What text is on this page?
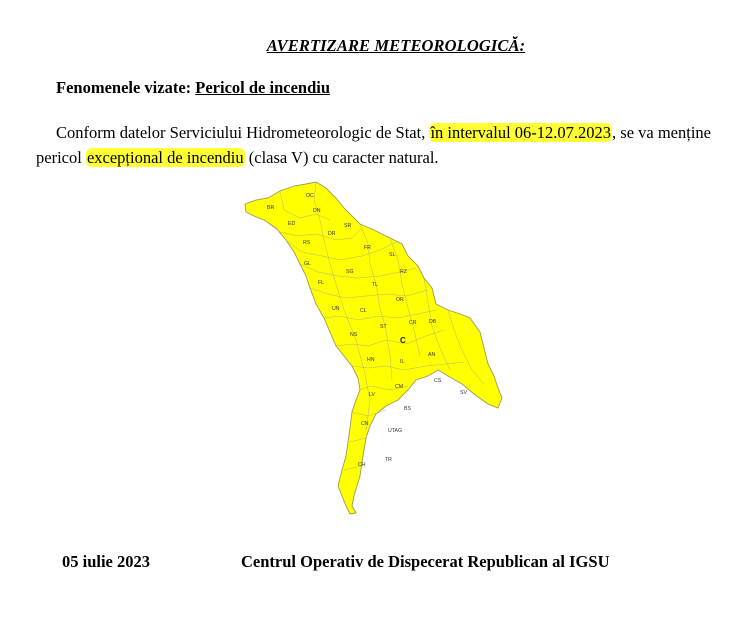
AVERTIZARE METEOROLOGICĂ:
Fenomenele vizate: Pericol de incendiu
Conform datelor Serviciului Hidrometeorologic de Stat, în intervalul 06-12.07.2023, se va menține pericol excepțional de incendiu (clasa V) cu caracter natural.
OC
BR	DN
ED	SR
DR
RS
FR
SL
GL
SG	RZ
FL	TL
OR
UN	CL
ST
CR DB
NS
C
HN	IL
AN
CS
CM
LV	SV
BS
CN
UTAG
CH
TR
05 iulie 2023	Centrul Operativ de Dispecerat Republican al IGSU
